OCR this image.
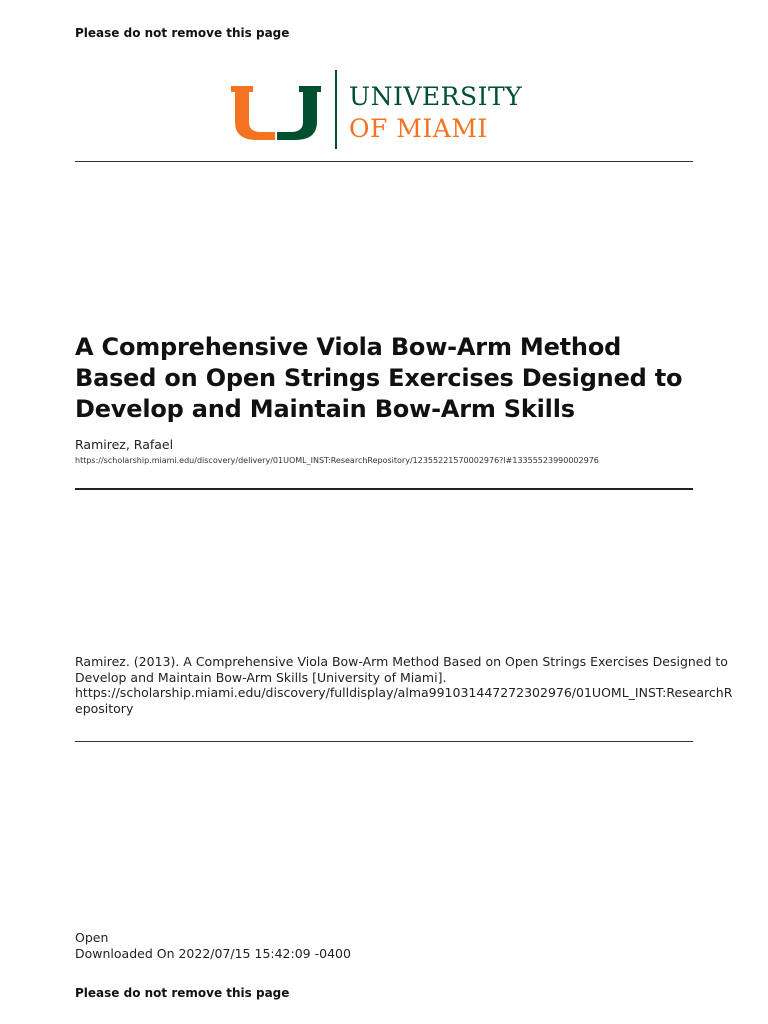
Please do not remove this page
UNIVERSITY
OF MIAMI
A Comprehensive Viola Bow-Arm Method Based on Open Strings Exercises Designed to Develop and Maintain Bow-Arm Skills
Ramirez, Rafael
https://scholarship.miami.edu/discovery/delivery/01UOML_INST:ResearchRepository/12355221570002976?l#13355523990002976
Ramirez. (2013). A Comprehensive Viola Bow-Arm Method Based on Open Strings Exercises Designed to
Develop and Maintain Bow-Arm Skills [University of Miami].
https://scholarship.miami.edu/discovery/fulldisplay/alma991031447272302976/01UOML_INST:ResearchR
epository
Open
Downloaded On 2022/07/15 15:42:09 -0400
Please do not remove this page
